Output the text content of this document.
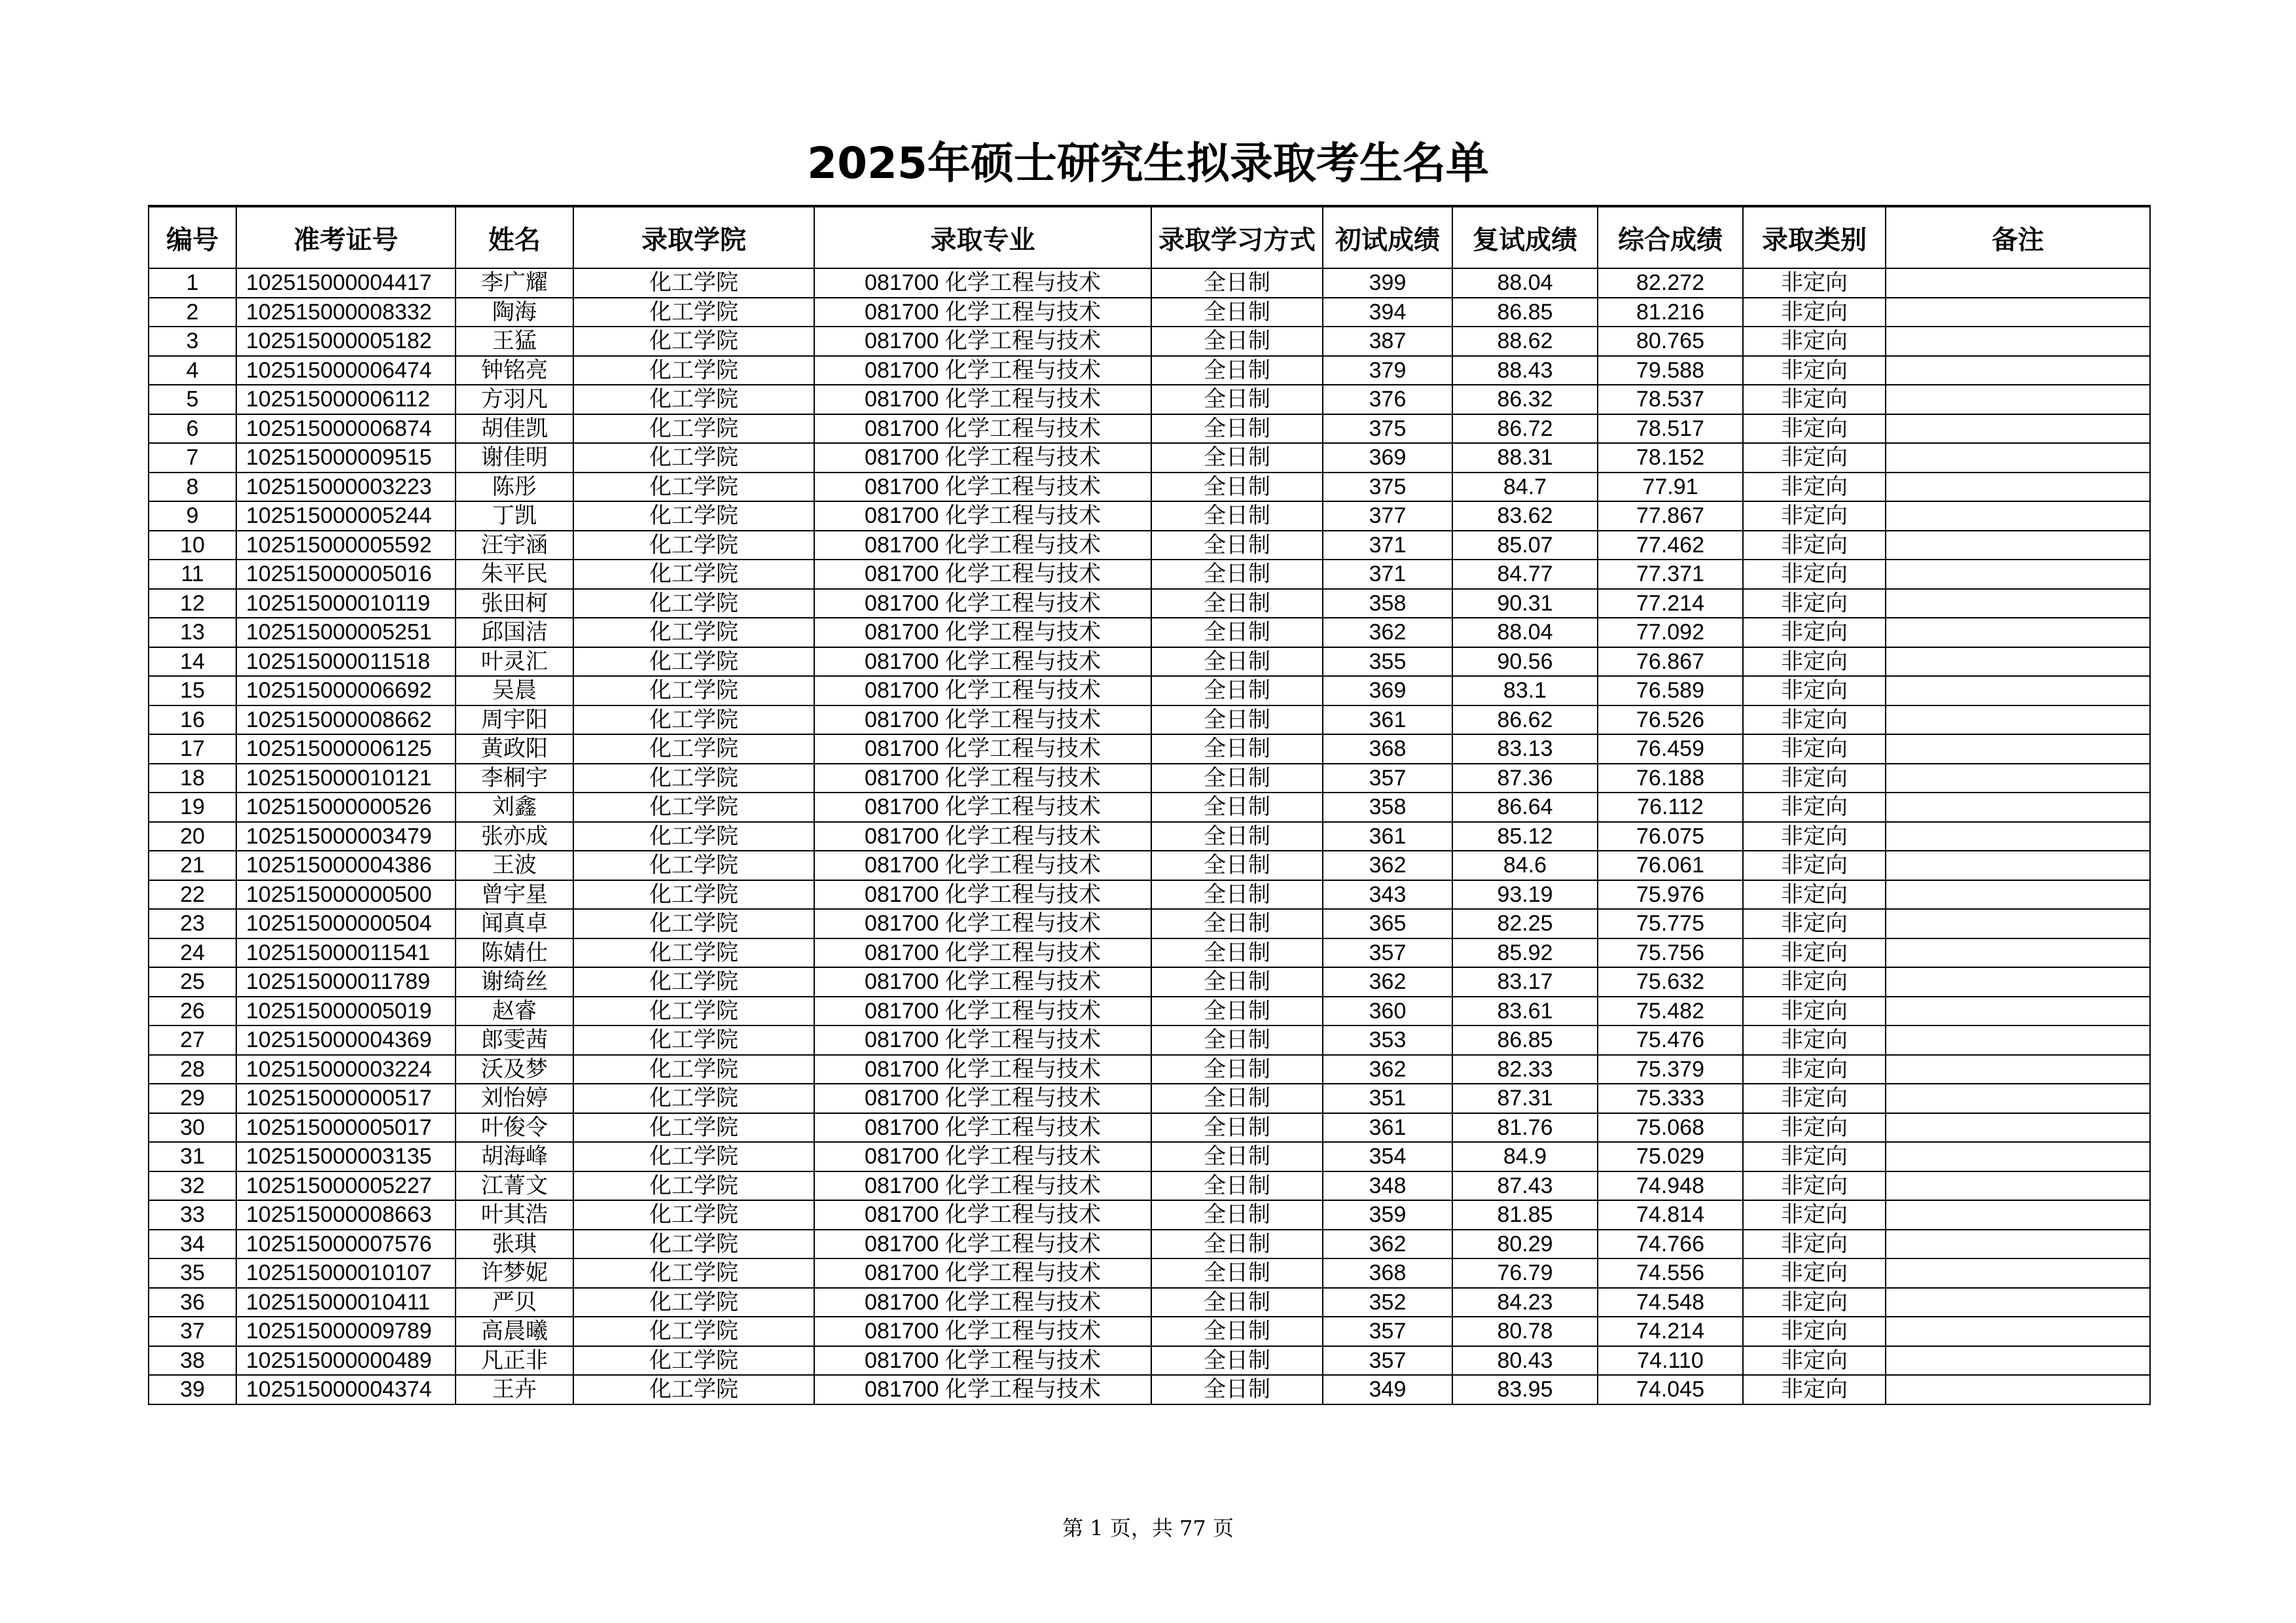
2025年硕士研究生拟录取考生名单
编号	准考证号	姓名	录取学院	录取专业	录取学习方式	初试成绩	复试成绩	综合成绩	录取类别	备注
1	102515000004417	李广耀	化工学院	081700 化学工程与技术	全日制	399	88.04	82.272	非定向	
2	102515000008332	陶海	化工学院	081700 化学工程与技术	全日制	394	86.85	81.216	非定向	
3	102515000005182	王猛	化工学院	081700 化学工程与技术	全日制	387	88.62	80.765	非定向	
4	102515000006474	钟铭亮	化工学院	081700 化学工程与技术	全日制	379	88.43	79.588	非定向	
5	102515000006112	方羽凡	化工学院	081700 化学工程与技术	全日制	376	86.32	78.537	非定向	
6	102515000006874	胡佳凯	化工学院	081700 化学工程与技术	全日制	375	86.72	78.517	非定向	
7	102515000009515	谢佳明	化工学院	081700 化学工程与技术	全日制	369	88.31	78.152	非定向	
8	102515000003223	陈彤	化工学院	081700 化学工程与技术	全日制	375	84.7	77.91	非定向	
9	102515000005244	丁凯	化工学院	081700 化学工程与技术	全日制	377	83.62	77.867	非定向	
10	102515000005592	汪宇涵	化工学院	081700 化学工程与技术	全日制	371	85.07	77.462	非定向	
11	102515000005016	朱平民	化工学院	081700 化学工程与技术	全日制	371	84.77	77.371	非定向	
12	102515000010119	张田柯	化工学院	081700 化学工程与技术	全日制	358	90.31	77.214	非定向	
13	102515000005251	邱国洁	化工学院	081700 化学工程与技术	全日制	362	88.04	77.092	非定向	
14	102515000011518	叶灵汇	化工学院	081700 化学工程与技术	全日制	355	90.56	76.867	非定向	
15	102515000006692	吴晨	化工学院	081700 化学工程与技术	全日制	369	83.1	76.589	非定向	
16	102515000008662	周宇阳	化工学院	081700 化学工程与技术	全日制	361	86.62	76.526	非定向	
17	102515000006125	黄政阳	化工学院	081700 化学工程与技术	全日制	368	83.13	76.459	非定向	
18	102515000010121	李桐宇	化工学院	081700 化学工程与技术	全日制	357	87.36	76.188	非定向	
19	102515000000526	刘鑫	化工学院	081700 化学工程与技术	全日制	358	86.64	76.112	非定向	
20	102515000003479	张亦成	化工学院	081700 化学工程与技术	全日制	361	85.12	76.075	非定向	
21	102515000004386	王波	化工学院	081700 化学工程与技术	全日制	362	84.6	76.061	非定向	
22	102515000000500	曾宇星	化工学院	081700 化学工程与技术	全日制	343	93.19	75.976	非定向	
23	102515000000504	闻真卓	化工学院	081700 化学工程与技术	全日制	365	82.25	75.775	非定向	
24	102515000011541	陈婧仕	化工学院	081700 化学工程与技术	全日制	357	85.92	75.756	非定向	
25	102515000011789	谢绮丝	化工学院	081700 化学工程与技术	全日制	362	83.17	75.632	非定向	
26	102515000005019	赵睿	化工学院	081700 化学工程与技术	全日制	360	83.61	75.482	非定向	
27	102515000004369	郎雯茜	化工学院	081700 化学工程与技术	全日制	353	86.85	75.476	非定向	
28	102515000003224	沃及梦	化工学院	081700 化学工程与技术	全日制	362	82.33	75.379	非定向	
29	102515000000517	刘怡婷	化工学院	081700 化学工程与技术	全日制	351	87.31	75.333	非定向	
30	102515000005017	叶俊令	化工学院	081700 化学工程与技术	全日制	361	81.76	75.068	非定向	
31	102515000003135	胡海峰	化工学院	081700 化学工程与技术	全日制	354	84.9	75.029	非定向	
32	102515000005227	江菁文	化工学院	081700 化学工程与技术	全日制	348	87.43	74.948	非定向	
33	102515000008663	叶其浩	化工学院	081700 化学工程与技术	全日制	359	81.85	74.814	非定向	
34	102515000007576	张琪	化工学院	081700 化学工程与技术	全日制	362	80.29	74.766	非定向	
35	102515000010107	许梦妮	化工学院	081700 化学工程与技术	全日制	368	76.79	74.556	非定向	
36	102515000010411	严贝	化工学院	081700 化学工程与技术	全日制	352	84.23	74.548	非定向	
37	102515000009789	高晨曦	化工学院	081700 化学工程与技术	全日制	357	80.78	74.214	非定向	
38	102515000000489	凡正非	化工学院	081700 化学工程与技术	全日制	357	80.43	74.110	非定向	
39	102515000004374	王卉	化工学院	081700 化学工程与技术	全日制	349	83.95	74.045	非定向	
第 1 页，共 77 页
